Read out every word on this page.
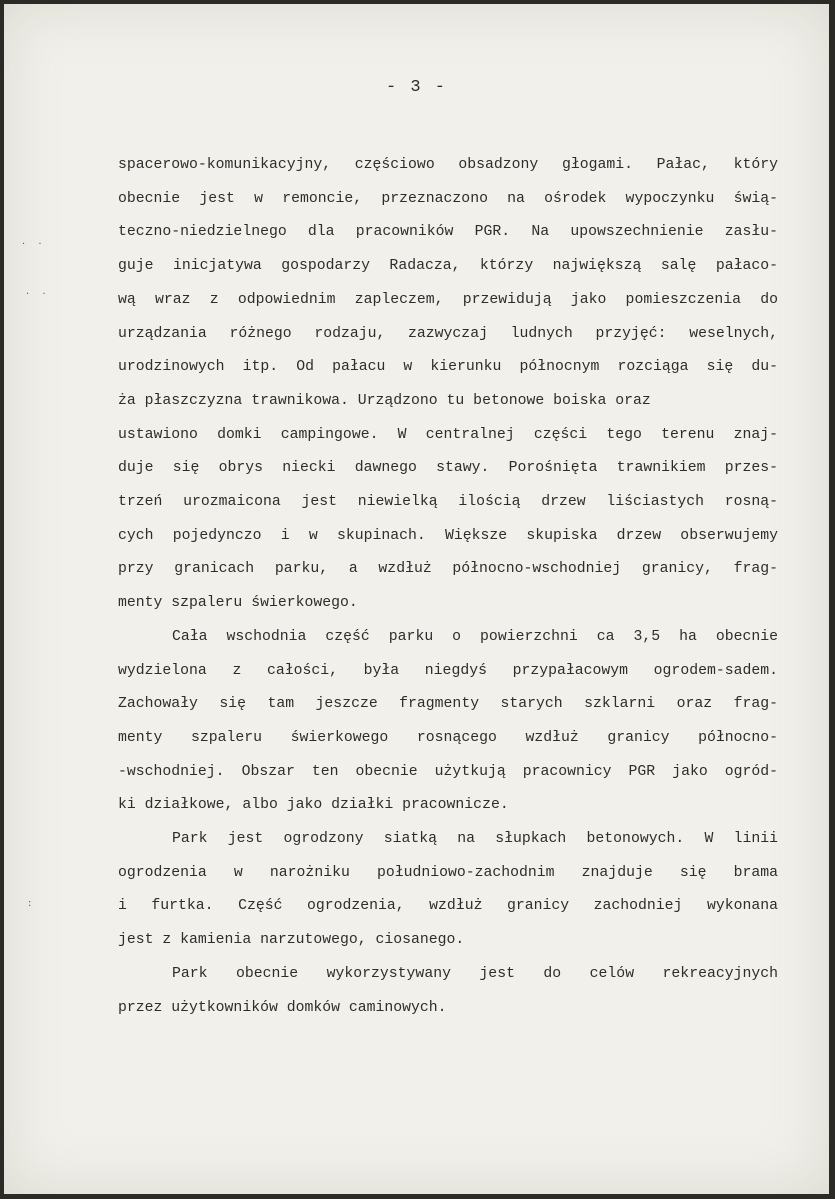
- 3 -
· ·
· ·
:
spacerowo-komunikacyjny, częściowo obsadzony głogami. Pałac, który
obecnie jest w remoncie, przeznaczono na ośrodek wypoczynku świą-
teczno-niedzielnego dla pracowników PGR. Na upowszechnienie zasłu-
guje inicjatywa gospodarzy Radacza, którzy największą salę pałaco-
wą wraz z odpowiednim zapleczem, przewidują jako pomieszczenia do
urządzania różnego rodzaju, zazwyczaj ludnych przyjęć: weselnych,
urodzinowych itp. Od pałacu w kierunku północnym rozciąga się du-
ża płaszczyzna trawnikowa. Urządzono tu betonowe boiska oraz
ustawiono domki campingowe. W centralnej części tego terenu znaj-
duje się obrys niecki dawnego stawy. Porośnięta trawnikiem przes-
trzeń urozmaicona jest niewielką ilością drzew liściastych rosną-
cych pojedynczo i w skupinach. Większe skupiska drzew obserwujemy
przy granicach parku, a wzdłuż północno-wschodniej granicy, frag-
menty szpaleru świerkowego.
Cała wschodnia część parku o powierzchni ca 3,5 ha obecnie
wydzielona z całości, była niegdyś przypałacowym ogrodem-sadem.
Zachowały się tam jeszcze fragmenty starych szklarni oraz frag-
menty szpaleru świerkowego rosnącego wzdłuż granicy północno-
-wschodniej. Obszar ten obecnie użytkują pracownicy PGR jako ogród-
ki działkowe, albo jako działki pracownicze.
Park jest ogrodzony siatką na słupkach betonowych. W linii
ogrodzenia w narożniku południowo-zachodnim znajduje się brama
i furtka. Część ogrodzenia, wzdłuż granicy zachodniej wykonana
jest z kamienia narzutowego, ciosanego.
Park obecnie wykorzystywany jest do celów rekreacyjnych
przez użytkowników domków caminowych.
